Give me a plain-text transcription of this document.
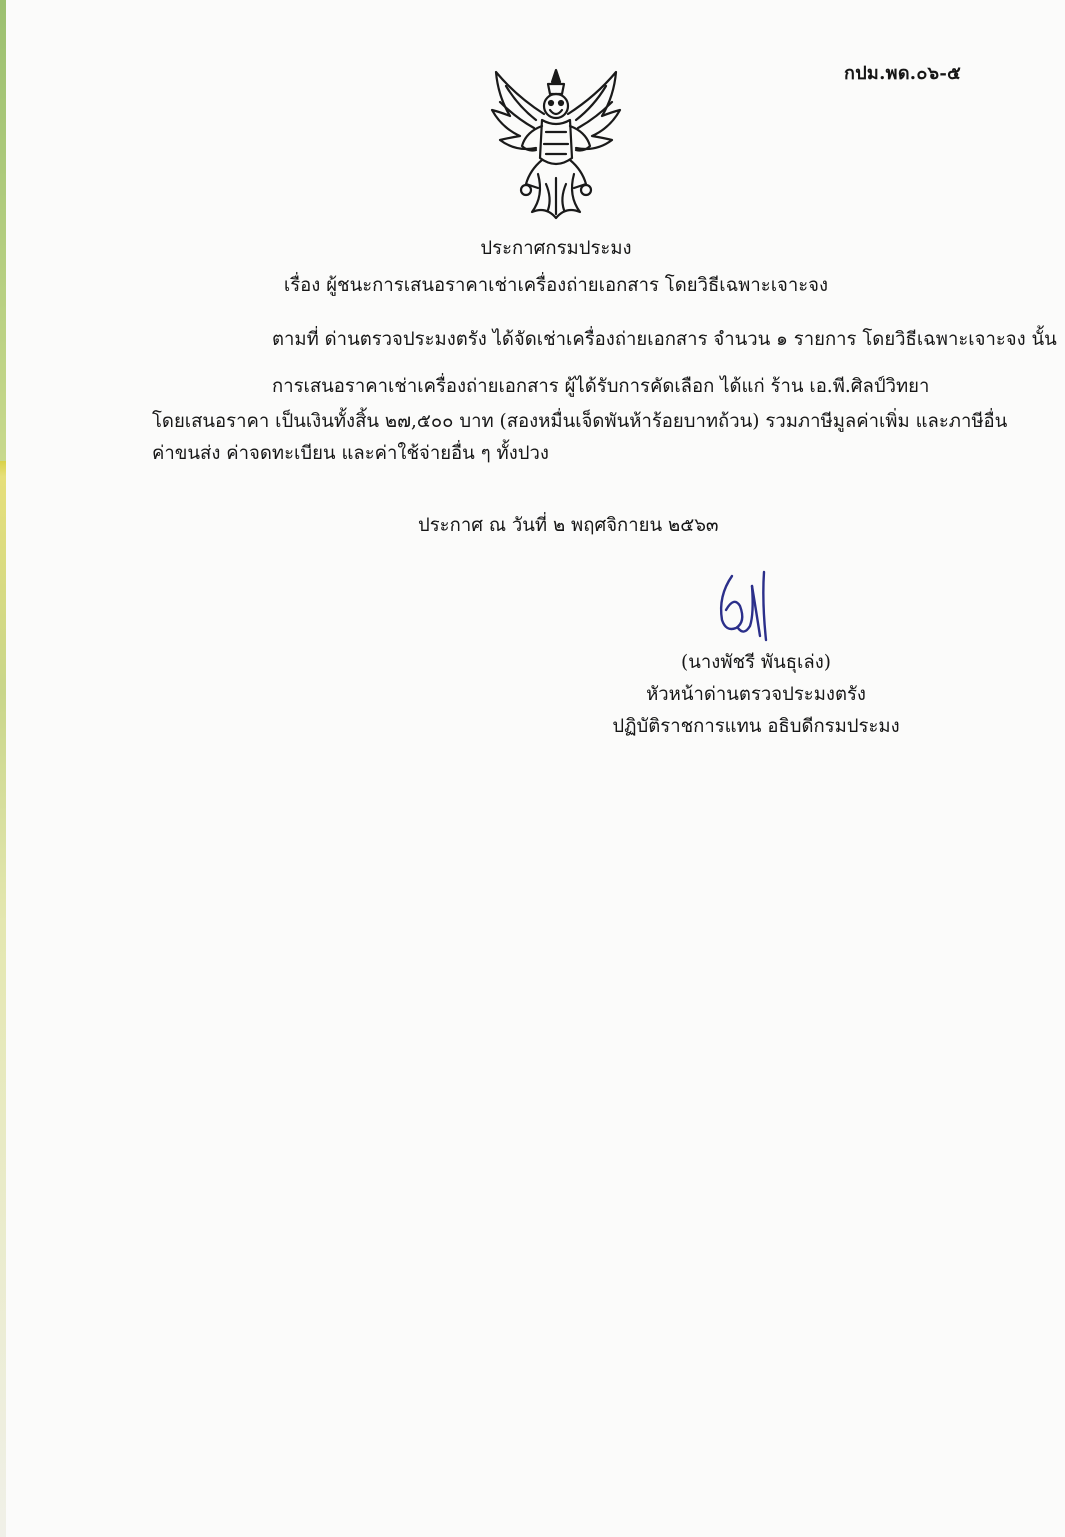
กปม.พด.๐๖-๕
ประกาศกรมประมง
เรื่อง ผู้ชนะการเสนอราคาเช่าเครื่องถ่ายเอกสาร โดยวิธีเฉพาะเจาะจง
ตามที่ ด่านตรวจประมงตรัง ได้จัดเช่าเครื่องถ่ายเอกสาร จำนวน ๑ รายการ โดยวิธีเฉพาะเจาะจง นั้น
การเสนอราคาเช่าเครื่องถ่ายเอกสาร ผู้ได้รับการคัดเลือก ได้แก่ ร้าน เอ.พี.ศิลป์วิทยา
โดยเสนอราคา เป็นเงินทั้งสิ้น ๒๗,๕๐๐ บาท (สองหมื่นเจ็ดพันห้าร้อยบาทถ้วน) รวมภาษีมูลค่าเพิ่ม และภาษีอื่น
ค่าขนส่ง ค่าจดทะเบียน และค่าใช้จ่ายอื่น ๆ ทั้งปวง
ประกาศ ณ วันที่ ๒ พฤศจิกายน ๒๕๖๓
(นางพัชรี พันธุเล่ง)
หัวหน้าด่านตรวจประมงตรัง
ปฏิบัติราชการแทน อธิบดีกรมประมง
